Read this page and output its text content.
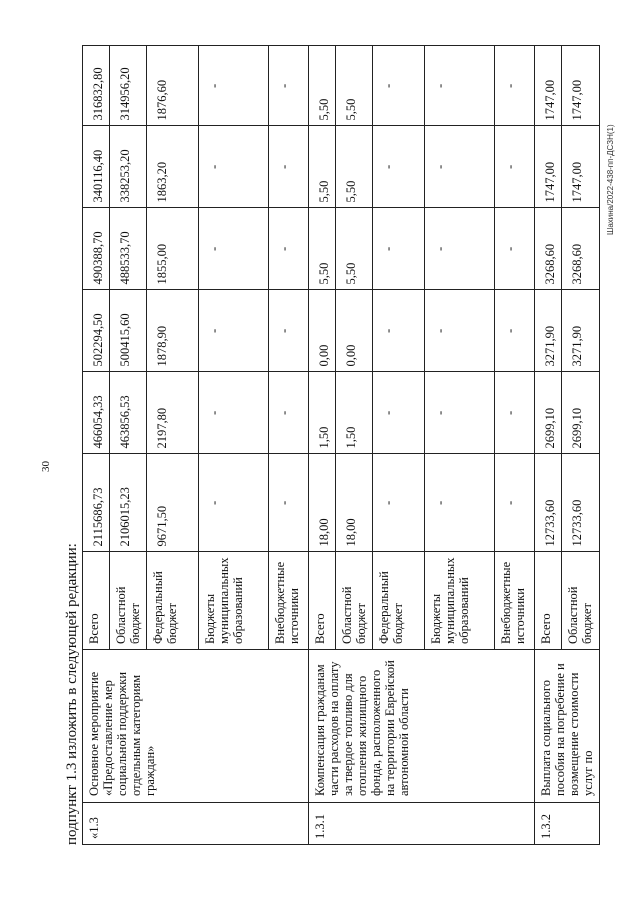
30
подпункт 1.3 изложить в следующей редакции: «1.3	Основное мероприятие «Предоставление мер социальной поддержки отдельным категориям граждан»	Всего	2115686,73	466054,33	502294,50	490388,70	340116,40	316832,80
		Областной бюджет	2106015,23	463856,53	500415,60	488533,70	338253,20	314956,20
		Федеральный бюджет	9671,50	2197,80	1878,90	1855,00	1863,20	1876,60
		Бюджеты муниципальных образований	-	-	-	-	-	-
		Внебюджетные источники	-	-	-	-	-	-
1.3.1	Компенсация гражданам части расходов на оплату за твердое топливо для отопления жилищного фонда, расположенного на территории Еврейской автономной области	Всего	18,00	1,50	0,00	5,50	5,50	5,50
		Областной бюджет	18,00	1,50	0,00	5,50	5,50	5,50
		Федеральный бюджет	-	-	-	-	-	-
		Бюджеты муниципальных образований	-	-	-	-	-	-
		Внебюджетные источники	-	-	-	-	-	-
1.3.2	Выплата социального пособия на погребение и возмещение стоимости услуг по	Всего	12733,60	2699,10	3271,90	3268,60	1747,00	1747,00
		Областной бюджет	12733,60	2699,10	3271,90	3268,60	1747,00	1747,00
Шахина/2022-438-пп-ДСЗН(1)
